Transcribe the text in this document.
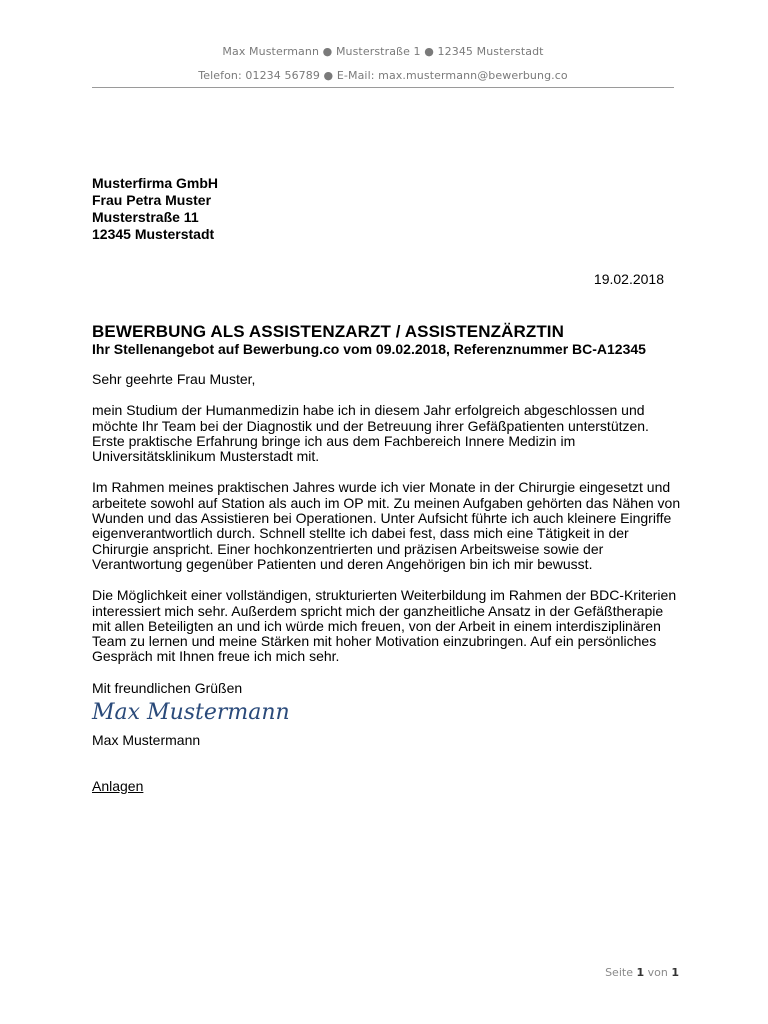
Max Mustermann ● Musterstraße 1 ● 12345 Musterstadt
Telefon: 01234 56789 ● E-Mail: max.mustermann@bewerbung.co
Musterfirma GmbH
Frau Petra Muster
Musterstraße 11
12345 Musterstadt
19.02.2018
BEWERBUNG ALS ASSISTENZARZT / ASSISTENZÄRZTIN
Ihr Stellenangebot auf Bewerbung.co vom 09.02.2018, Referenznummer BC-A12345

Sehr geehrte Frau Muster,

mein Studium der Humanmedizin habe ich in diesem Jahr erfolgreich abgeschlossen und möchte Ihr Team bei der Diagnostik und der Betreuung ihrer Gefäßpatienten unterstützen. Erste praktische Erfahrung bringe ich aus dem Fachbereich Innere Medizin im Universitätsklinikum Musterstadt mit.

Im Rahmen meines praktischen Jahres wurde ich vier Monate in der Chirurgie eingesetzt und arbeitete sowohl auf Station als auch im OP mit. Zu meinen Aufgaben gehörten das Nähen von Wunden und das Assistieren bei Operationen. Unter Aufsicht führte ich auch kleinere Eingriffe eigenverantwortlich durch. Schnell stellte ich dabei fest, dass mich eine Tätigkeit in der Chirurgie anspricht. Einer hochkonzentrierten und präzisen Arbeitsweise sowie der Verantwortung gegenüber Patienten und deren Angehörigen bin ich mir bewusst.

Die Möglichkeit einer vollständigen, strukturierten Weiterbildung im Rahmen der BDC-Kriterien interessiert mich sehr. Außerdem spricht mich der ganzheitliche Ansatz in der Gefäßtherapie mit allen Beteiligten an und ich würde mich freuen, von der Arbeit in einem interdisziplinären Team zu lernen und meine Stärken mit hoher Motivation einzubringen. Auf ein persönliches Gespräch mit Ihnen freue ich mich sehr.

Mit freundlichen Grüßen
Max Mustermann
Max Mustermann
Anlagen
Seite 1 von 1
